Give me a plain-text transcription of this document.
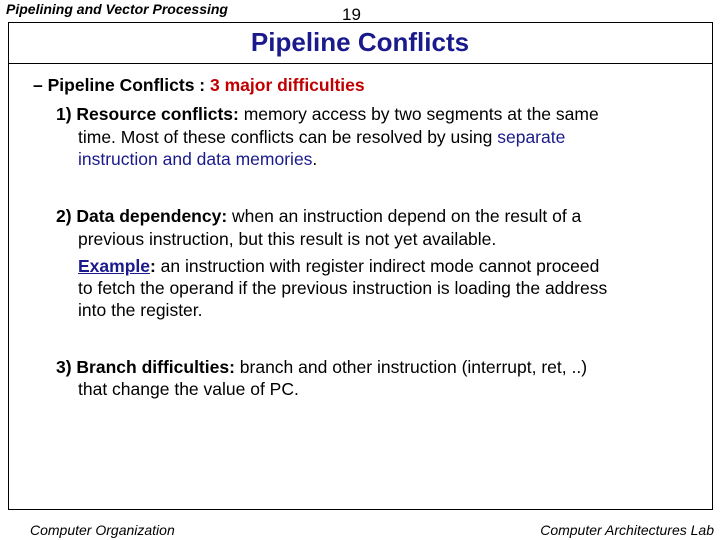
Pipelining and Vector Processing	19
Pipeline Conflicts
– Pipeline Conflicts : 3 major difficulties
1) Resource conflicts: memory access by two segments at the same
time. Most of these conflicts can be resolved by using separate
instruction and data memories.
2) Data dependency: when an instruction depend on the result of a
previous instruction, but this result is not yet available.
Example: an instruction with register indirect mode cannot proceed
to fetch the operand if the previous instruction is loading the address
into the register.
3) Branch difficulties: branch and other instruction (interrupt, ret, ..)
that change the value of PC.
Computer Organization	Computer Architectures Lab
